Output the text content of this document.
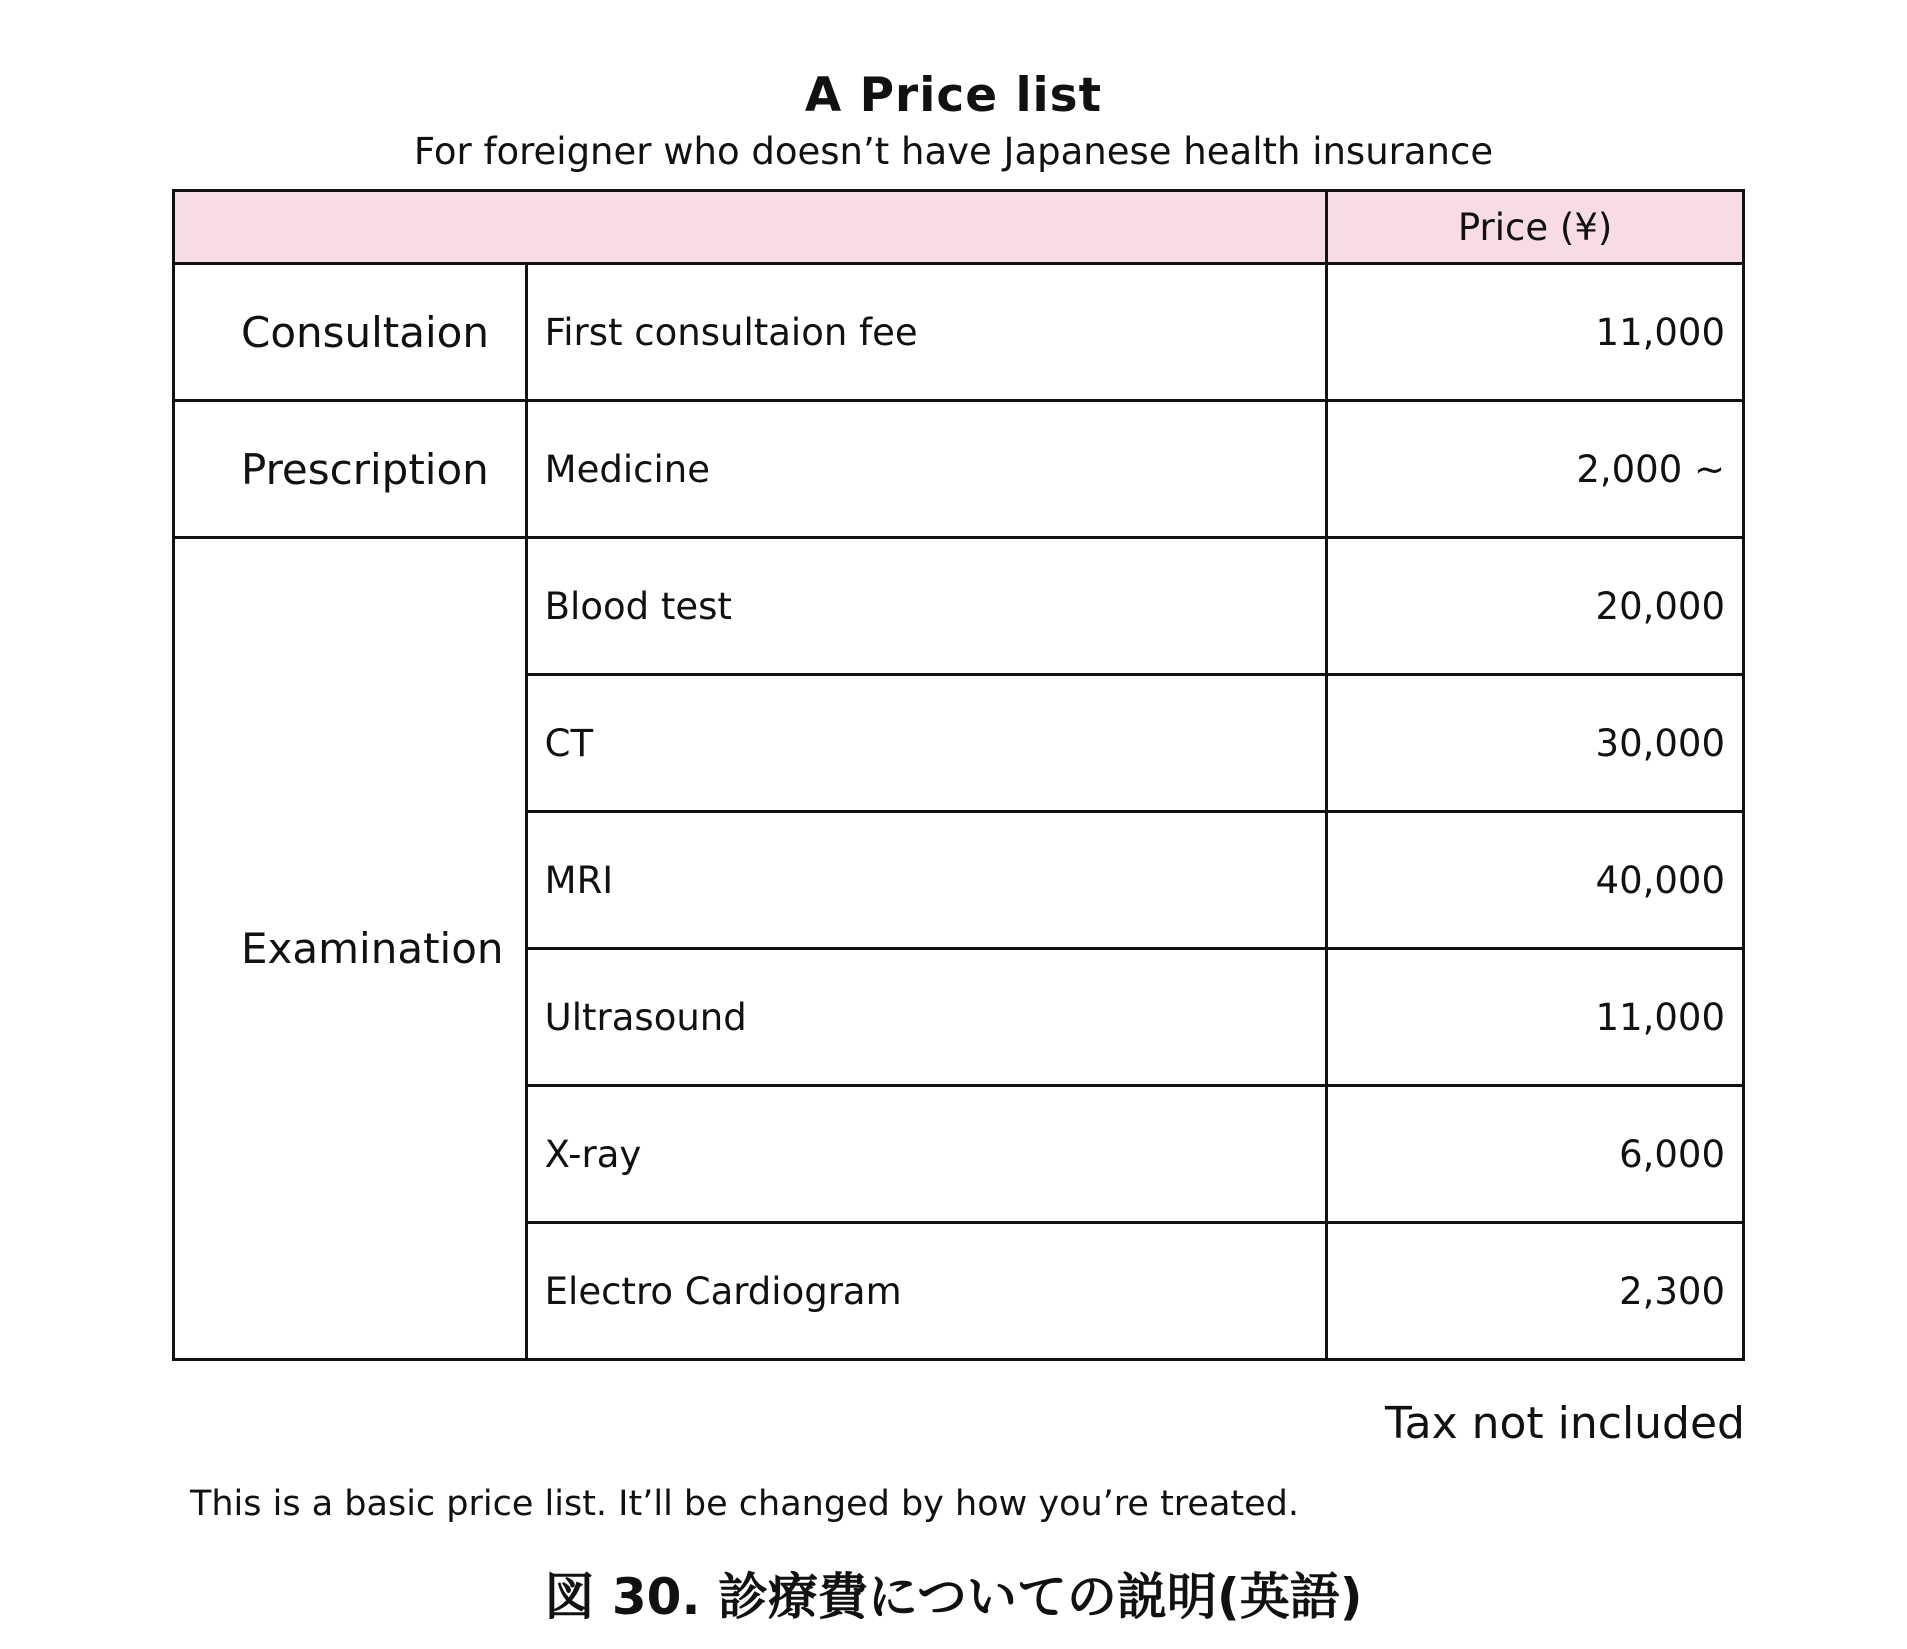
A Price list
For foreigner who doesn’t have Japanese health insurance
		Price (¥)
Consultaion	First consultaion fee	11,000
Prescription	Medicine	2,000 ~
Examination	Blood test	20,000
	CT	30,000
	MRI	40,000
	Ultrasound	11,000
	X-ray	6,000
	Electro Cardiogram	2,300
Tax not included
This is a basic price list. It’ll be changed by how you’re treated.
図 30. 診療費についての説明(英語)
